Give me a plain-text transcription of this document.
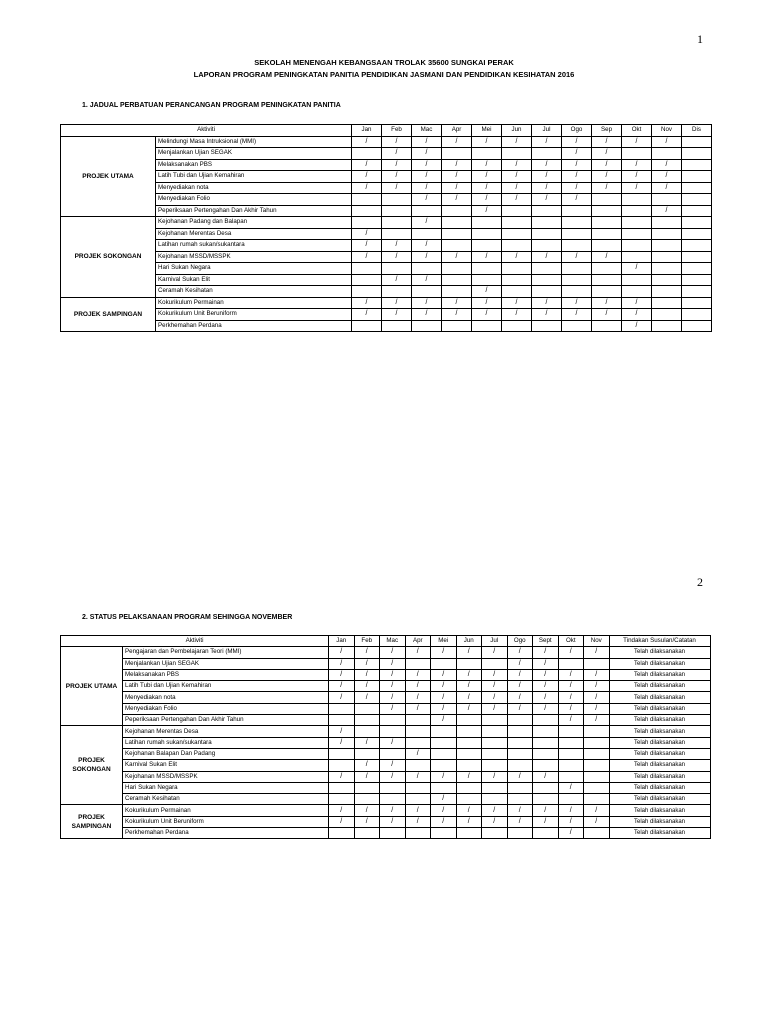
1
SEKOLAH MENENGAH KEBANGSAAN TROLAK 35600 SUNGKAI PERAK
LAPORAN PROGRAM PENINGKATAN PANITIA PENDIDIKAN JASMANI DAN PENDIDIKAN KESIHATAN 2016
1. JADUAL PERBATUAN PERANCANGAN PROGRAM PENINGKATAN PANITIA
Aktiviti		Jan	Feb	Mac	Apr	Mei	Jun	Jul	Ogo	Sep	Okt	Nov	Dis
PROJEK UTAMA	Melindungi Masa Intruksional (MMI)	/	/	/	/	/	/	/	/	/	/	/	
	Menjalankan Ujian SEGAK		/	/					/	/			
	Melaksanakan PBS	/	/	/	/	/	/	/	/	/	/	/	
	Latih Tubi dan Ujian Kemahiran	/	/	/	/	/	/	/	/	/	/	/	
	Menyediakan nota	/	/	/	/	/	/	/	/	/	/	/	
	Menyediakan Folio			/	/	/	/	/	/				
	Peperiksaan Pertengahan Dan Akhir Tahun					/						/	
PROJEK SOKONGAN	Kejohanan Padang dan Balapan			/									
	Kejohanan Merentas Desa	/											
	Latihan rumah sukan/sukantara	/	/	/									
	Kejohanan MSSD/MSSPK	/	/	/	/	/	/	/	/	/			
	Hari Sukan Negara										/		
	Karnival Sukan Elit		/	/									
	Ceramah Kesihatan					/							
PROJEK SAMPINGAN	Kokurikulum Permainan	/	/	/	/	/	/	/	/	/	/		
	Kokurikulum Unit Beruniform	/	/	/	/	/	/	/	/	/	/		
	Perkhemahan Perdana										/		
2
2. STATUS PELAKSANAAN PROGRAM SEHINGGA NOVEMBER
Aktiviti		Jan	Feb	Mac	Apr	Mei	Jun	Jul	Ogo	Sept	Okt	Nov	Tindakan Susulan/Catatan
PROJEK UTAMA	Pengajaran dan Pembelajaran Teori (MMI)	/	/	/	/	/	/	/	/	/	/	/	Telah dilaksanakan
	Menjalankan Ujian SEGAK	/	/	/					/	/			Telah dilaksanakan
	Melaksanakan PBS	/	/	/	/	/	/	/	/	/	/	/	Telah dilaksanakan
	Latih Tubi dan Ujian Kemahiran	/	/	/	/	/	/	/	/	/	/	/	Telah dilaksanakan
	Menyediakan nota	/	/	/	/	/	/	/	/	/	/	/	Telah dilaksanakan
	Menyediakan Folio			/	/	/	/	/	/	/	/	/	Telah dilaksanakan
	Peperiksaan Pertengahan Dan Akhir Tahun					/					/	/	Telah dilaksanakan
PROJEK SOKONGAN	Kejohanan Merentas Desa	/											Telah dilaksanakan
	Latihan rumah sukan/sukantara	/	/	/									Telah dilaksanakan
	Kejohanan Balapan Dan Padang				/								Telah dilaksanakan
	Karnival Sukan Elit		/	/									Telah dilaksanakan
	Kejohanan MSSD/MSSPK	/	/	/	/	/	/	/	/	/			Telah dilaksanakan
	Hari Sukan Negara										/		Telah dilaksanakan
	Ceramah Kesihatan					/							Telah dilaksanakan
PROJEK SAMPINGAN	Kokurikulum Permainan	/	/	/	/	/	/	/	/	/	/	/	Telah dilaksanakan
	Kokurikulum Unit Beruniform	/	/	/	/	/	/	/	/	/	/	/	Telah dilaksanakan
	Perkhemahan Perdana										/		Telah dilaksanakan
